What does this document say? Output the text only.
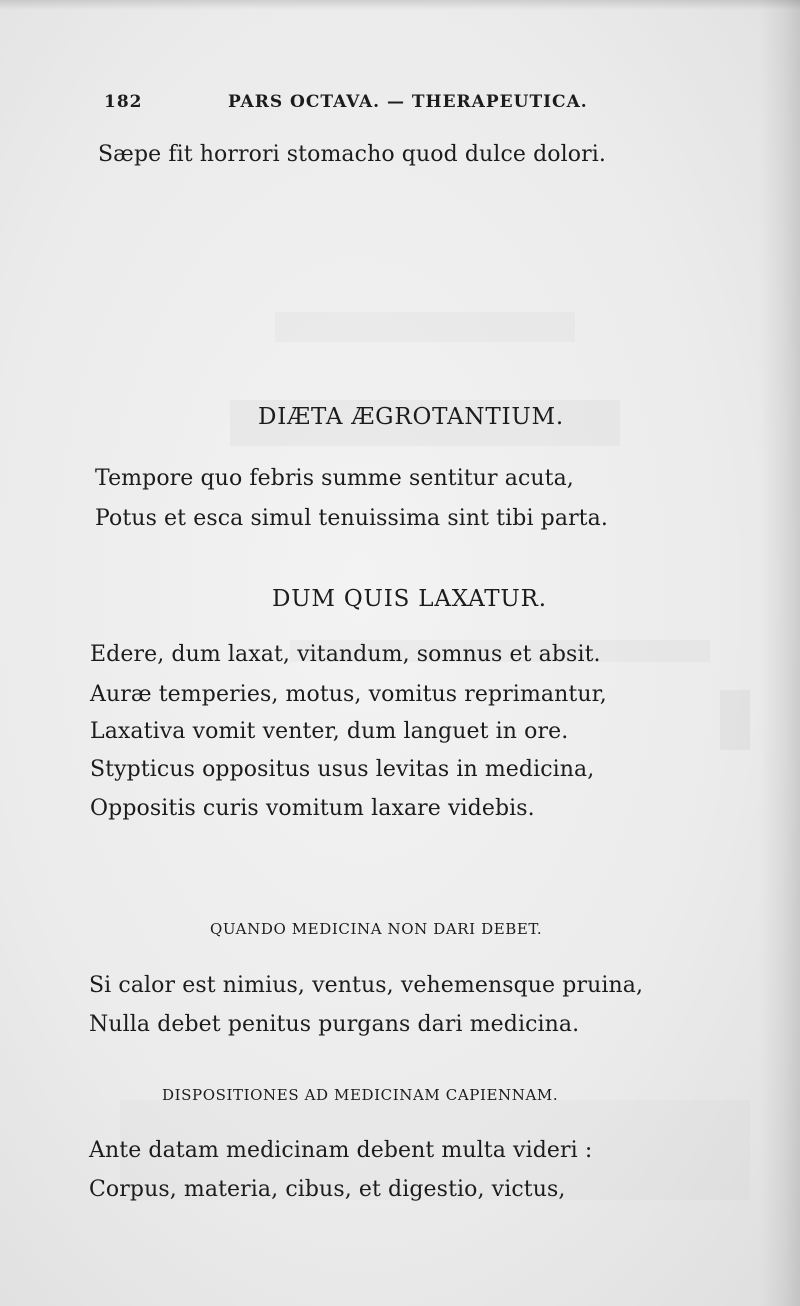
182	PARS OCTAVA. — THERAPEUTICA.
Sæpe fit horrori stomacho quod dulce dolori.
DIÆTA ÆGROTANTIUM.
Tempore quo febris summe sentitur acuta,
Potus et esca simul tenuissima sint tibi parta.
DUM QUIS LAXATUR.
Edere, dum laxat, vitandum, somnus et absit.
Auræ temperies, motus, vomitus reprimantur,
Laxativa vomit venter, dum languet in ore.
Stypticus oppositus usus levitas in medicina,
Oppositis curis vomitum laxare videbis.
QUANDO MEDICINA NON DARI DEBET.
Si calor est nimius, ventus, vehemensque pruina,
Nulla debet penitus purgans dari medicina.
DISPOSITIONES AD MEDICINAM CAPIENNAM.
Ante datam medicinam debent multa videri :
Corpus, materia, cibus, et digestio, victus,
